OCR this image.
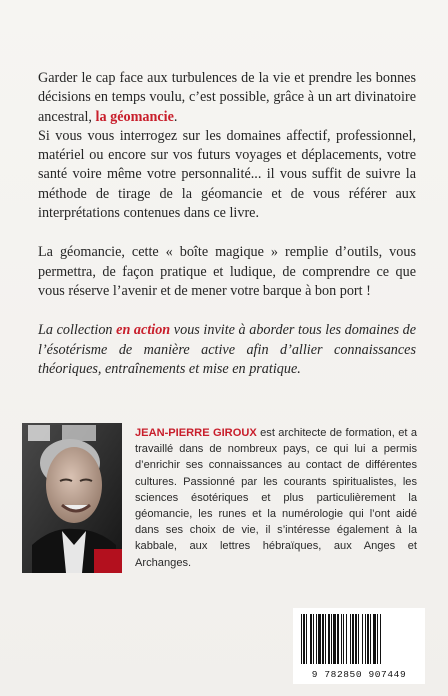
Garder le cap face aux turbulences de la vie et prendre les bonnes décisions en temps voulu, c’est possible, grâce à un art divinatoire ancestral, la géomancie.

Si vous vous interrogez sur les domaines affectif, professionnel, matériel ou encore sur vos futurs voyages et déplacements, votre santé voire même votre personnalité... il vous suffit de suivre la méthode de tirage de la géomancie et de vous référer aux interprétations contenues dans ce livre.

La géomancie, cette « boîte magique » remplie d’outils, vous permettra, de façon pratique et ludique, de comprendre ce que vous réserve l’avenir et de mener votre barque à bon port !

La collection en action vous invite à aborder tous les domaines de l’ésotérisme de manière active afin d’allier connaissances théoriques, entraînements et mise en pratique.

JEAN-PIERRE GIROUX est architecte de formation, et a travaillé dans de nombreux pays, ce qui lui a permis d’enrichir ses connaissances au contact de différentes cultures. Passionné par les courants spiritualistes, les sciences ésotériques et plus particulièrement la géomancie, les runes et la numérologie qui l’ont aidé dans ses choix de vie, il s’intéresse également à la kabbale, aux lettres hébraïques, aux Anges et Archanges.

9 782850 907449
